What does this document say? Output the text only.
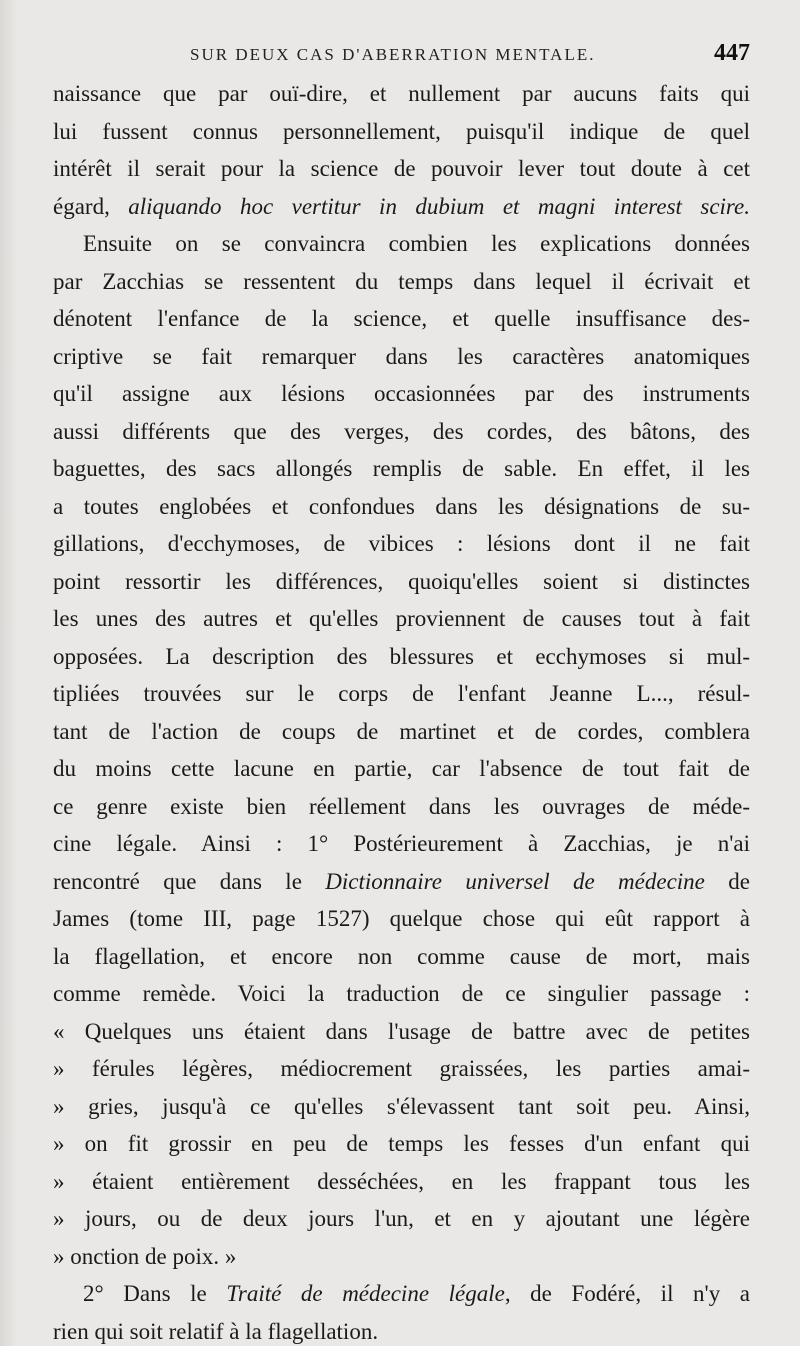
SUR DEUX CAS D'ABERRATION MENTALE.	447
naissance que par ouï-dire, et nullement par aucuns faits qui
lui fussent connus personnellement, puisqu'il indique de quel
intérêt il serait pour la science de pouvoir lever tout doute à cet
égard, aliquando hoc vertitur in dubium et magni interest scire.
Ensuite on se convaincra combien les explications données
par Zacchias se ressentent du temps dans lequel il écrivait et
dénotent l'enfance de la science, et quelle insuffisance des-
criptive se fait remarquer dans les caractères anatomiques
qu'il assigne aux lésions occasionnées par des instruments
aussi différents que des verges, des cordes, des bâtons, des
baguettes, des sacs allongés remplis de sable. En effet, il les
a toutes englobées et confondues dans les désignations de su-
gillations, d'ecchymoses, de vibices : lésions dont il ne fait
point ressortir les différences, quoiqu'elles soient si distinctes
les unes des autres et qu'elles proviennent de causes tout à fait
opposées. La description des blessures et ecchymoses si mul-
tipliées trouvées sur le corps de l'enfant Jeanne L..., résul-
tant de l'action de coups de martinet et de cordes, comblera
du moins cette lacune en partie, car l'absence de tout fait de
ce genre existe bien réellement dans les ouvrages de méde-
cine légale. Ainsi : 1° Postérieurement à Zacchias, je n'ai
rencontré que dans le Dictionnaire universel de médecine de
James (tome III, page 1527) quelque chose qui eût rapport à
la flagellation, et encore non comme cause de mort, mais
comme remède. Voici la traduction de ce singulier passage :
« Quelques uns étaient dans l'usage de battre avec de petites
» férules légères, médiocrement graissées, les parties amai-
» gries, jusqu'à ce qu'elles s'élevassent tant soit peu. Ainsi,
» on fit grossir en peu de temps les fesses d'un enfant qui
» étaient entièrement desséchées, en les frappant tous les
» jours, ou de deux jours l'un, et en y ajoutant une légère
» onction de poix. »
2° Dans le Traité de médecine légale, de Fodéré, il n'y a
rien qui soit relatif à la flagellation.
